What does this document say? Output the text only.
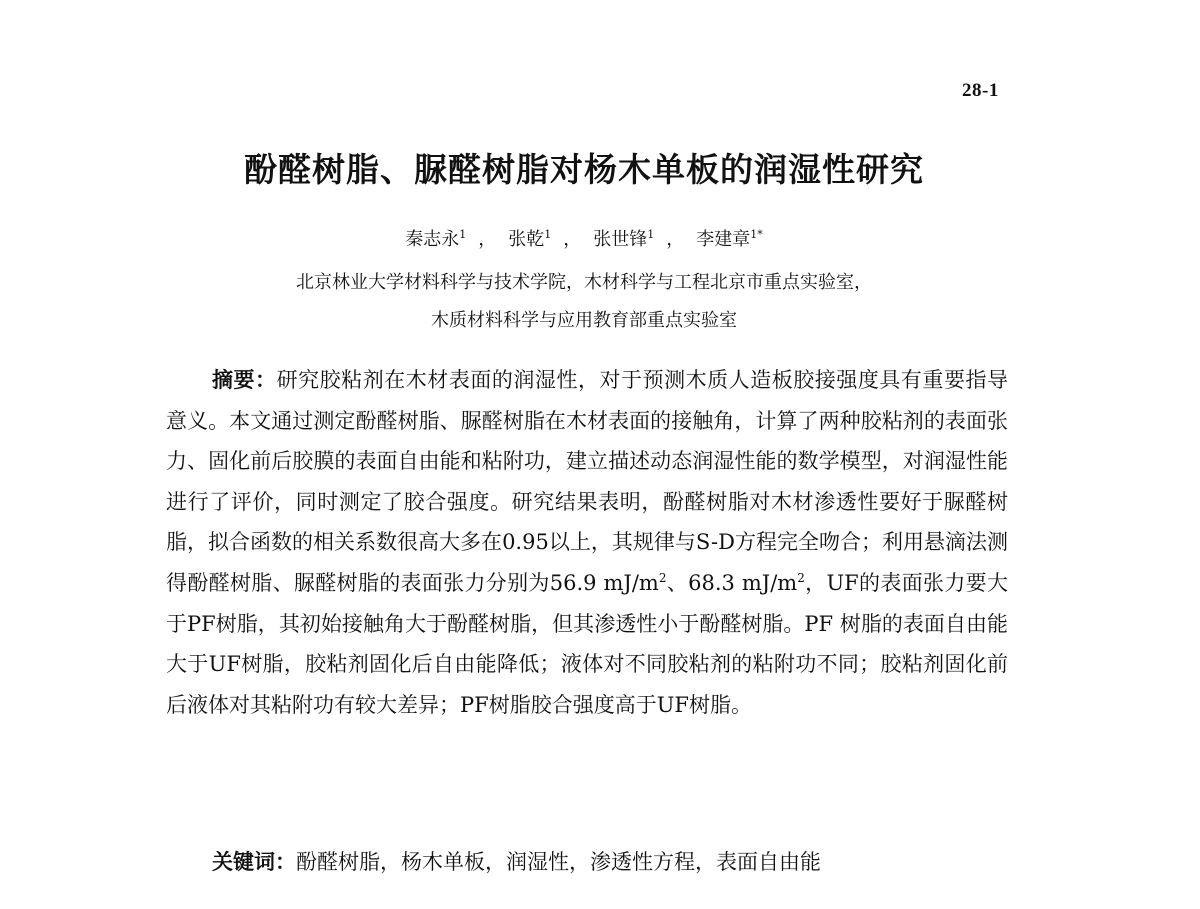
28-1
酚醛树脂、脲醛树脂对杨木单板的润湿性研究
秦志永$^1$ ， 张乾$^1$ ， 张世锋$^1$ ， 李建章$^{1*}$
北京林业大学材料科学与技术学院，木材科学与工程北京市重点实验室，
木质材料科学与应用教育部重点实验室

摘要：研究胶粘剂在木材表面的润湿性，对于预测木质人造板胶接强度具有重要指导意义。本文通过测定酚醛树脂、脲醛树脂在木材表面的接触角，计算了两种胶粘剂的表面张力、固化前后胶膜的表面自由能和粘附功，建立描述动态润湿性能的数学模型，对润湿性能进行了评价，同时测定了胶合强度。研究结果表明，酚醛树脂对木材渗透性要好于脲醛树脂，拟合函数的相关系数很高大多在0.95以上，其规律与S-D方程完全吻合；利用悬滴法测得酚醛树脂、脲醛树脂的表面张力分别为56.9 $mJ/m^2$、68.3 $mJ/m^2$，UF的表面张力要大于PF树脂，其初始接触角大于酚醛树脂，但其渗透性小于酚醛树脂。PF 树脂的表面自由能大于UF树脂，胶粘剂固化后自由能降低；液体对不同胶粘剂的粘附功不同；胶粘剂固化前后液体对其粘附功有较大差异；PF树脂胶合强度高于UF树脂。

关键词：酚醛树脂，杨木单板，润湿性，渗透性方程，表面自由能
